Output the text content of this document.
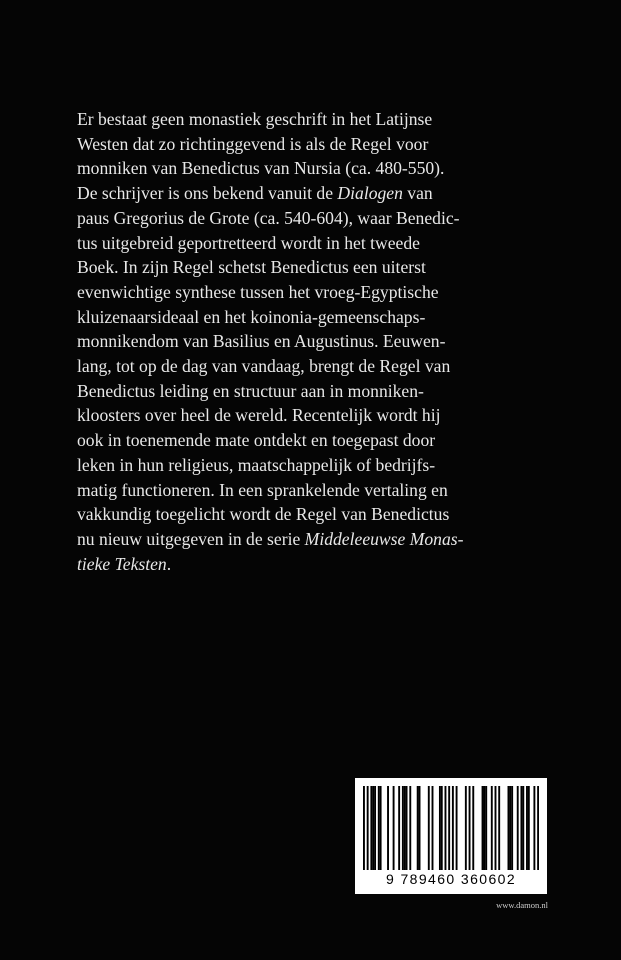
Er bestaat geen monastiek geschrift in het Latijnse
Westen dat zo richtinggevend is als de Regel voor
monniken van Benedictus van Nursia (ca. 480-550).
De schrijver is ons bekend vanuit de Dialogen van
paus Gregorius de Grote (ca. 540-604), waar Benedic-
tus uitgebreid geportretteerd wordt in het tweede
Boek. In zijn Regel schetst Benedictus een uiterst
evenwichtige synthese tussen het vroeg-Egyptische
kluizenaarsideaal en het koinonia-gemeenschaps-
monnikendom van Basilius en Augustinus. Eeuwen-
lang, tot op de dag van vandaag, brengt de Regel van
Benedictus leiding en structuur aan in monniken-
kloosters over heel de wereld. Recentelijk wordt hij
ook in toenemende mate ontdekt en toegepast door
leken in hun religieus, maatschappelijk of bedrijfs-
matig functioneren. In een sprankelende vertaling en
vakkundig toegelicht wordt de Regel van Benedictus
nu nieuw uitgegeven in de serie Middeleeuwse Monas-
tieke Teksten.

9 789460 360602

www.damon.nl
